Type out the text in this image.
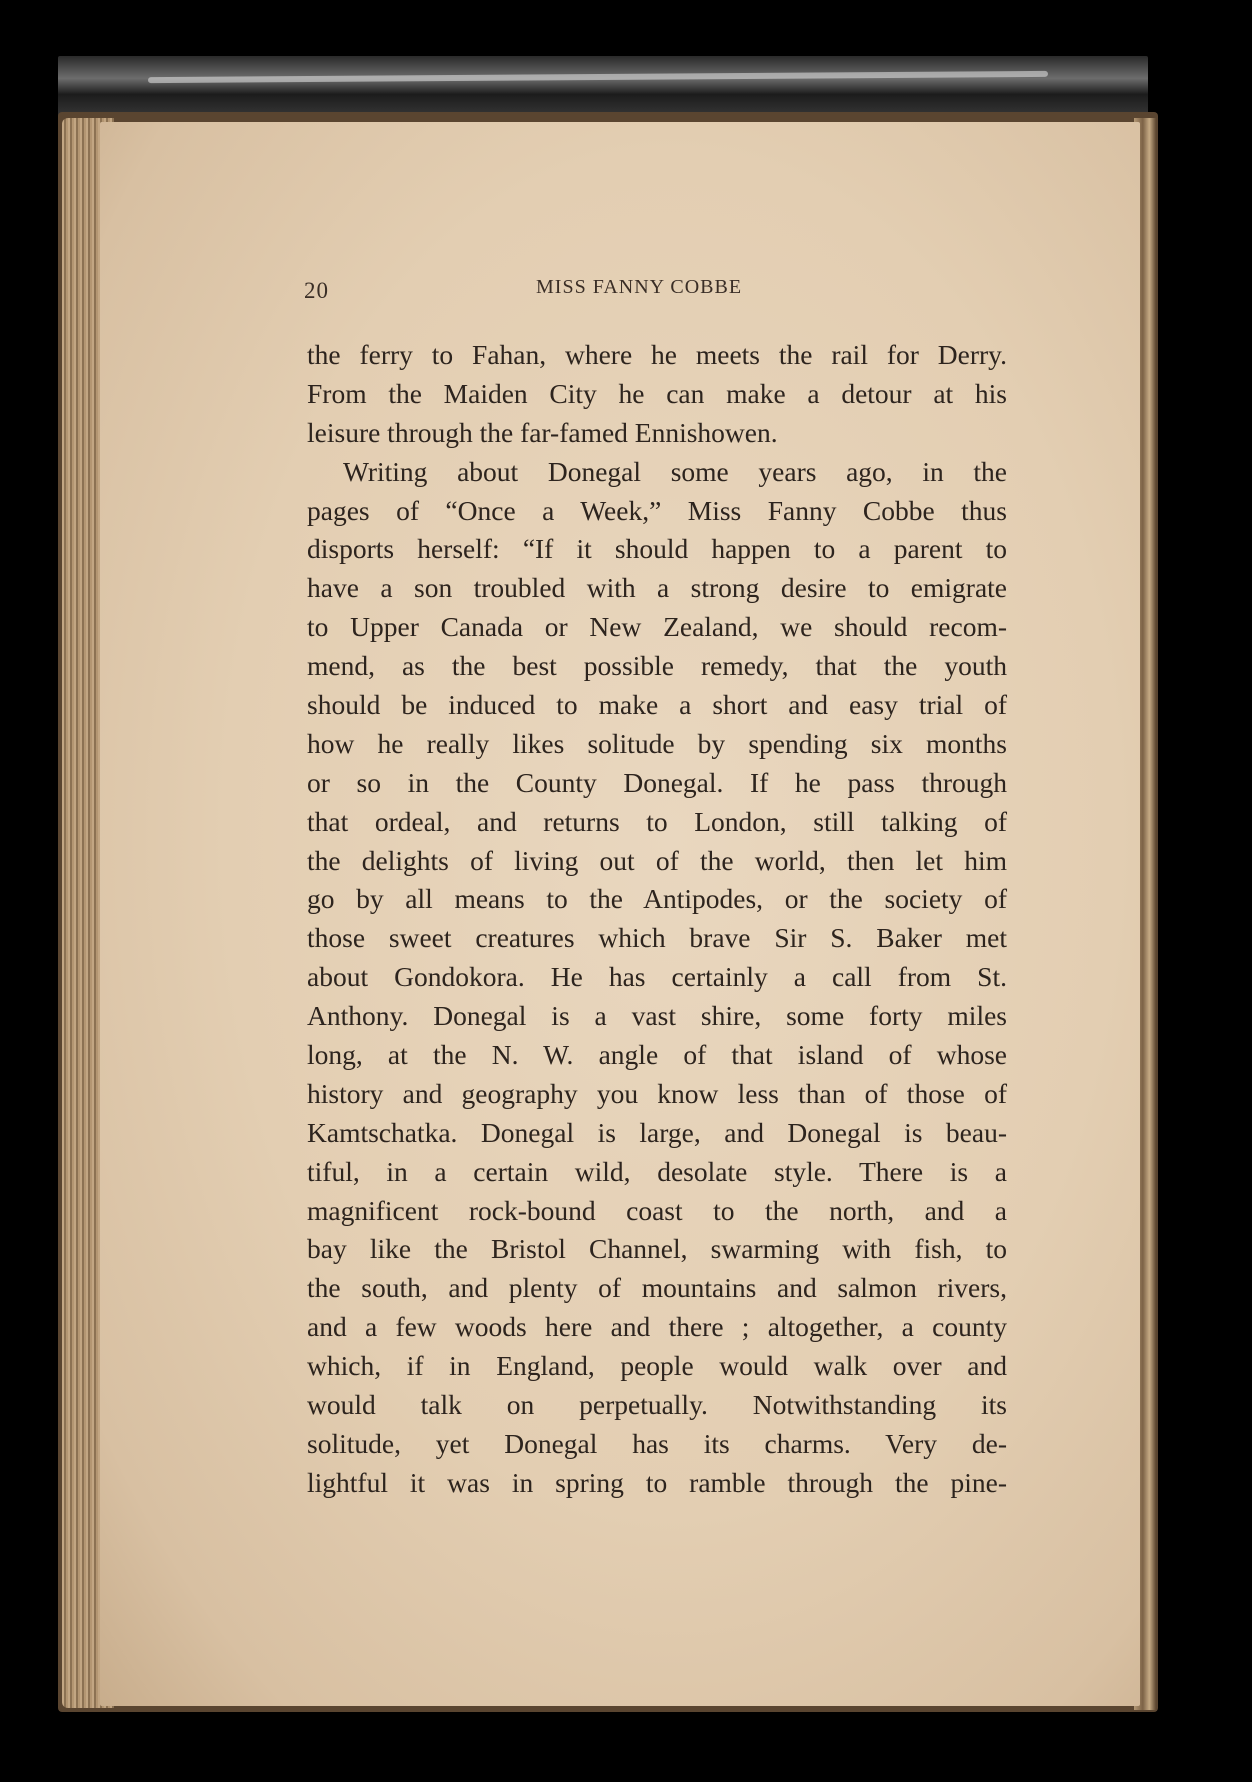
20	MISS FANNY COBBE
the ferry to Fahan, where he meets the rail for Derry.
From the Maiden City he can make a detour at his
leisure through the far-famed Ennishowen.
Writing about Donegal some years ago, in the
pages of “Once a Week,” Miss Fanny Cobbe thus
disports herself: “If it should happen to a parent to
have a son troubled with a strong desire to emigrate
to Upper Canada or New Zealand, we should recom-
mend, as the best possible remedy, that the youth
should be induced to make a short and easy trial of
how he really likes solitude by spending six months
or so in the County Donegal. If he pass through
that ordeal, and returns to London, still talking of
the delights of living out of the world, then let him
go by all means to the Antipodes, or the society of
those sweet creatures which brave Sir S. Baker met
about Gondokora. He has certainly a call from St.
Anthony. Donegal is a vast shire, some forty miles
long, at the N. W. angle of that island of whose
history and geography you know less than of those of
Kamtschatka. Donegal is large, and Donegal is beau-
tiful, in a certain wild, desolate style. There is a
magnificent rock-bound coast to the north, and a
bay like the Bristol Channel, swarming with fish, to
the south, and plenty of mountains and salmon rivers,
and a few woods here and there ; altogether, a county
which, if in England, people would walk over and
would talk on perpetually. Notwithstanding its
solitude, yet Donegal has its charms. Very de-
lightful it was in spring to ramble through the pine-
